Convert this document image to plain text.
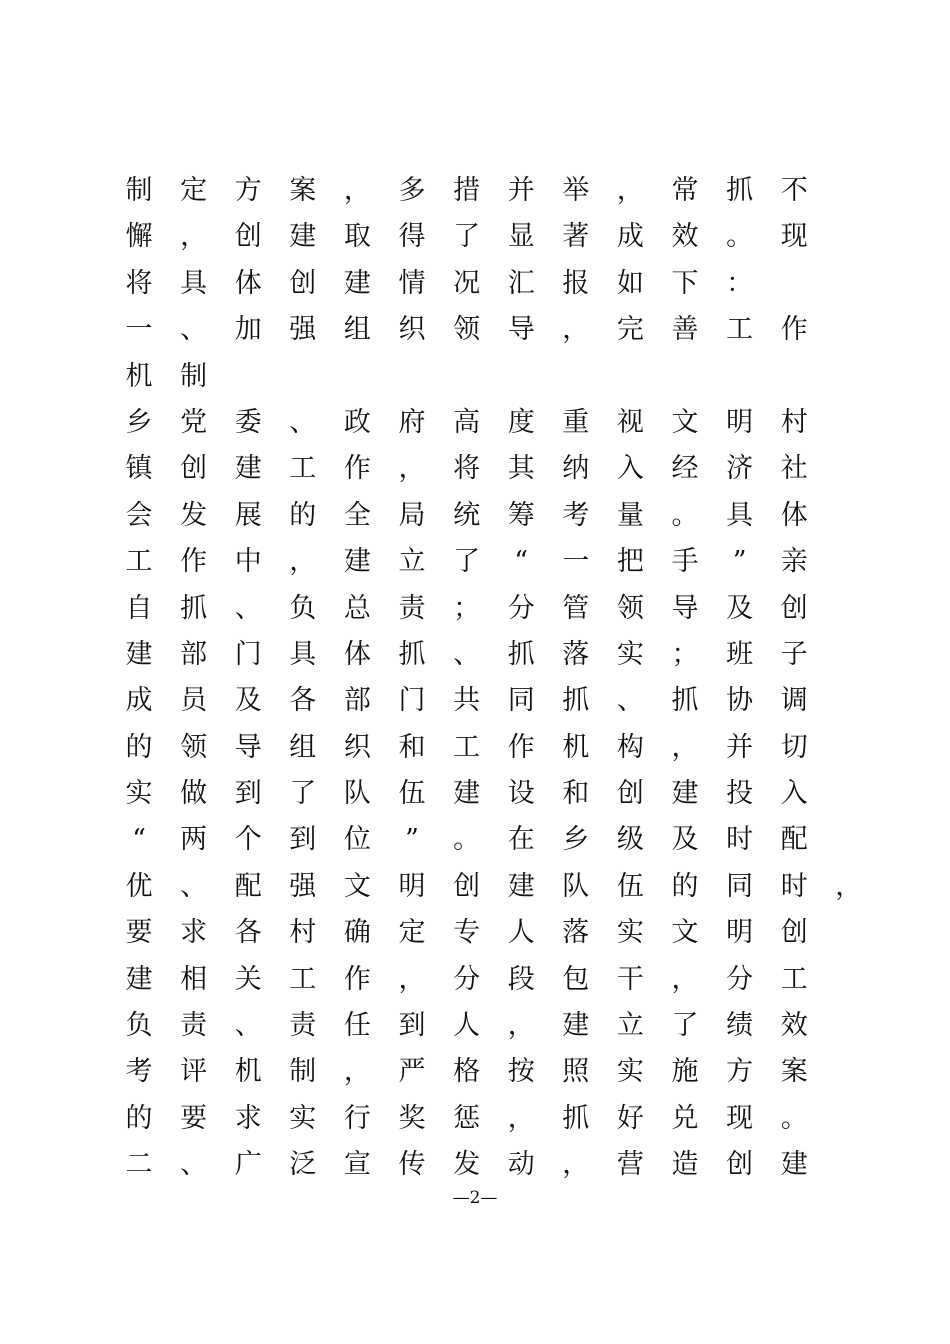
制 定 方 案 ， 多 措 并 举 ， 常 抓 不
懈 ， 创 建 取 得 了 显 著 成 效 。 现
将 具 体 创 建 情 况 汇 报 如 下 ：
一 、 加 强 组 织 领 导 ， 完 善 工 作
机 制
乡 党 委 、 政 府 高 度 重 视 文 明 村
镇 创 建 工 作 ， 将 其 纳 入 经 济 社
会 发 展 的 全 局 统 筹 考 量 。 具 体
工 作 中 ， 建 立 了 “ 一 把 手 ” 亲
自 抓 、 负 总 责 ； 分 管 领 导 及 创
建 部 门 具 体 抓 、 抓 落 实 ； 班 子
成 员 及 各 部 门 共 同 抓 、 抓 协 调
的 领 导 组 织 和 工 作 机 构 ， 并 切
实 做 到 了 队 伍 建 设 和 创 建 投 入
“ 两 个 到 位 ” 。 在 乡 级 及 时 配
优 、 配 强 文 明 创 建 队 伍 的 同 时 ，
要 求 各 村 确 定 专 人 落 实 文 明 创
建 相 关 工 作 ， 分 段 包 干 ， 分 工
负 责 、 责 任 到 人 ， 建 立 了 绩 效
考 评 机 制 ， 严 格 按 照 实 施 方 案
的 要 求 实 行 奖 惩 ， 抓 好 兑 现 。
二 、 广 泛 宣 传 发 动 ， 营 造 创 建
—2—
